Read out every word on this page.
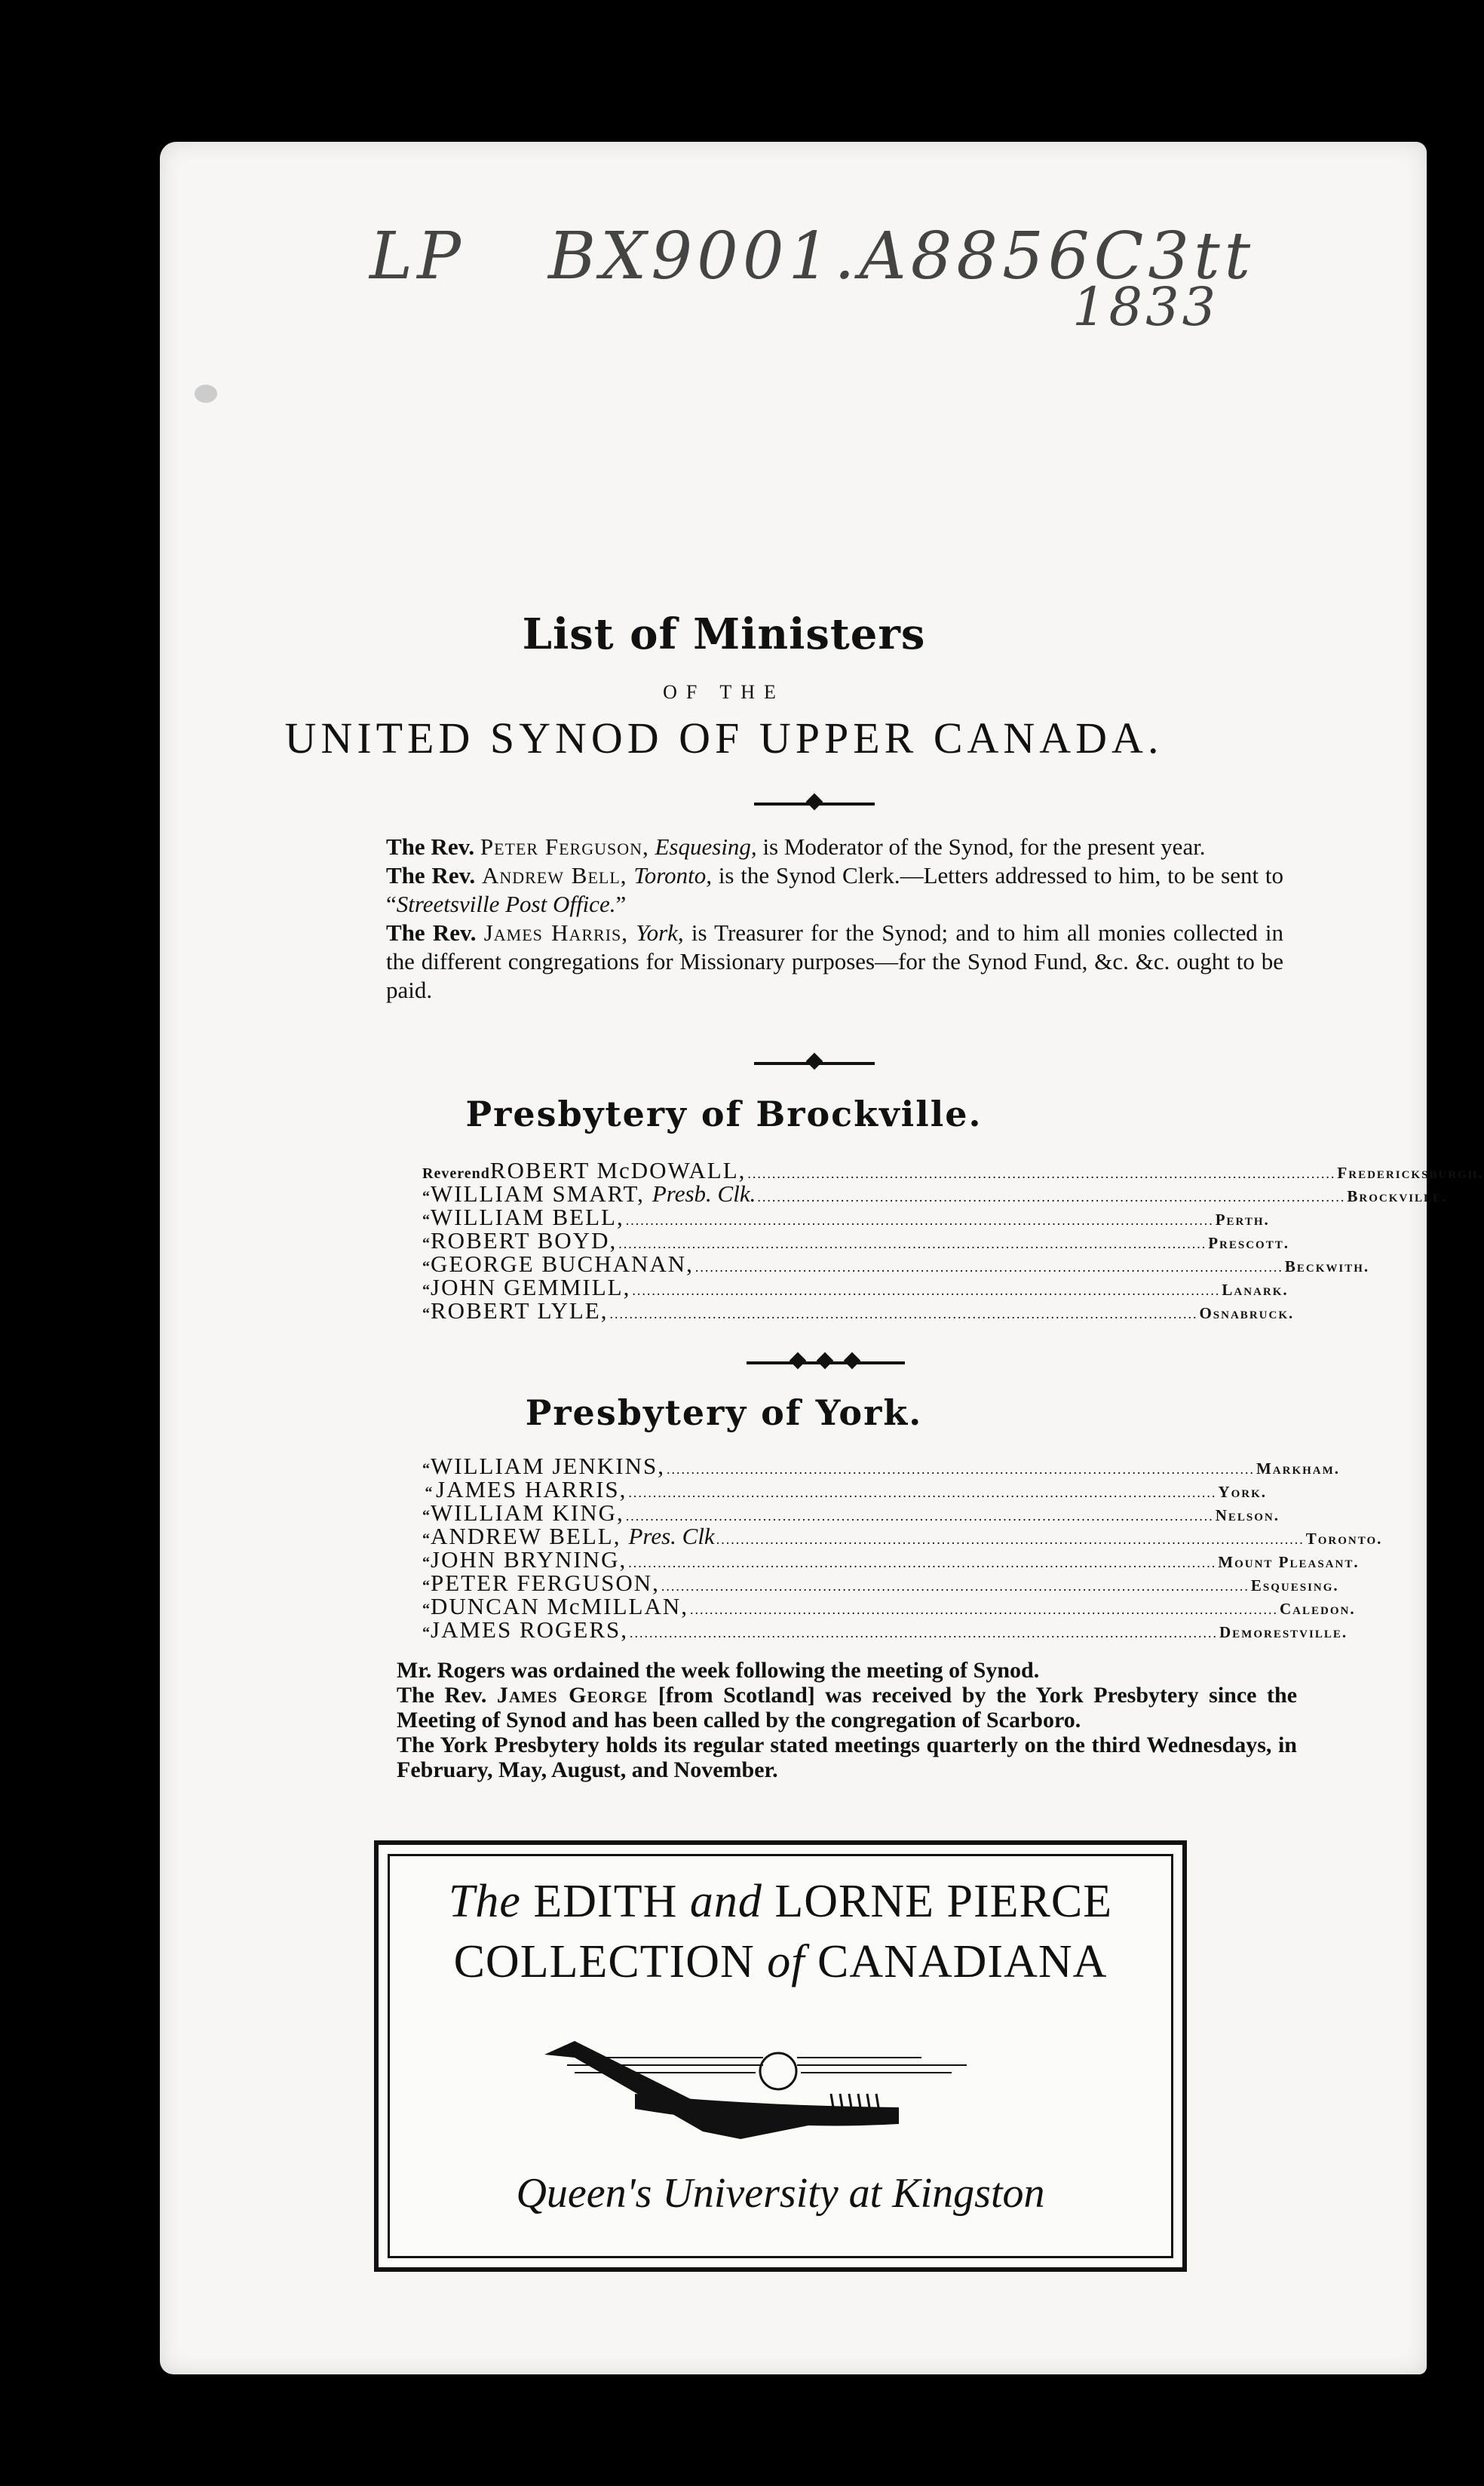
LP BX9001.A8856C3tt
1833
List of Ministers
OF THE
UNITED SYNOD OF UPPER CANADA.
The Rev. Peter Ferguson, Esquesing, is Moderator of the Synod, for the present year.
The Rev. Andrew Bell, Toronto, is the Synod Clerk.—Letters addressed to him, to be sent to “Streetsville Post Office.”
The Rev. James Harris, York, is Treasurer for the Synod; and to him all monies collected in the different congregations for Missionary purposes—for the Synod Fund, &c. &c. ought to be paid.
Presbytery of Brockville.
Reverend ROBERT McDOWALL, ........................................................................................................................ Fredericksburgh.
“ WILLIAM SMART, Presb. Clk. ........................................................................................................................ Brockville.
“ WILLIAM BELL, ........................................................................................................................ Perth.
“ ROBERT BOYD, ........................................................................................................................ Prescott.
“ GEORGE BUCHANAN, ........................................................................................................................ Beckwith.
“ JOHN GEMMILL, ........................................................................................................................ Lanark.
“ ROBERT LYLE, ........................................................................................................................ Osnabruck.
Presbytery of York.
“ WILLIAM JENKINS, ........................................................................................................................ Markham.
“ JAMES HARRIS, ........................................................................................................................ York.
“ WILLIAM KING, ........................................................................................................................ Nelson.
“ ANDREW BELL, Pres. Clk ........................................................................................................................ Toronto.
“ JOHN BRYNING, ........................................................................................................................ Mount Pleasant.
“ PETER FERGUSON, ........................................................................................................................ Esquesing.
“ DUNCAN McMILLAN, ........................................................................................................................ Caledon.
“ JAMES ROGERS, ........................................................................................................................ Demorestville.

Mr. Rogers was ordained the week following the meeting of Synod.

The Rev. James George [from Scotland] was received by the York Presbytery since the Meeting of Synod and has been called by the congregation of Scarboro.

The York Presbytery holds its regular stated meetings quarterly on the third Wednesdays, in February, May, August, and November.

The EDITH and LORNE PIERCE
COLLECTION of CANADIANA
Queen's University at Kingston
